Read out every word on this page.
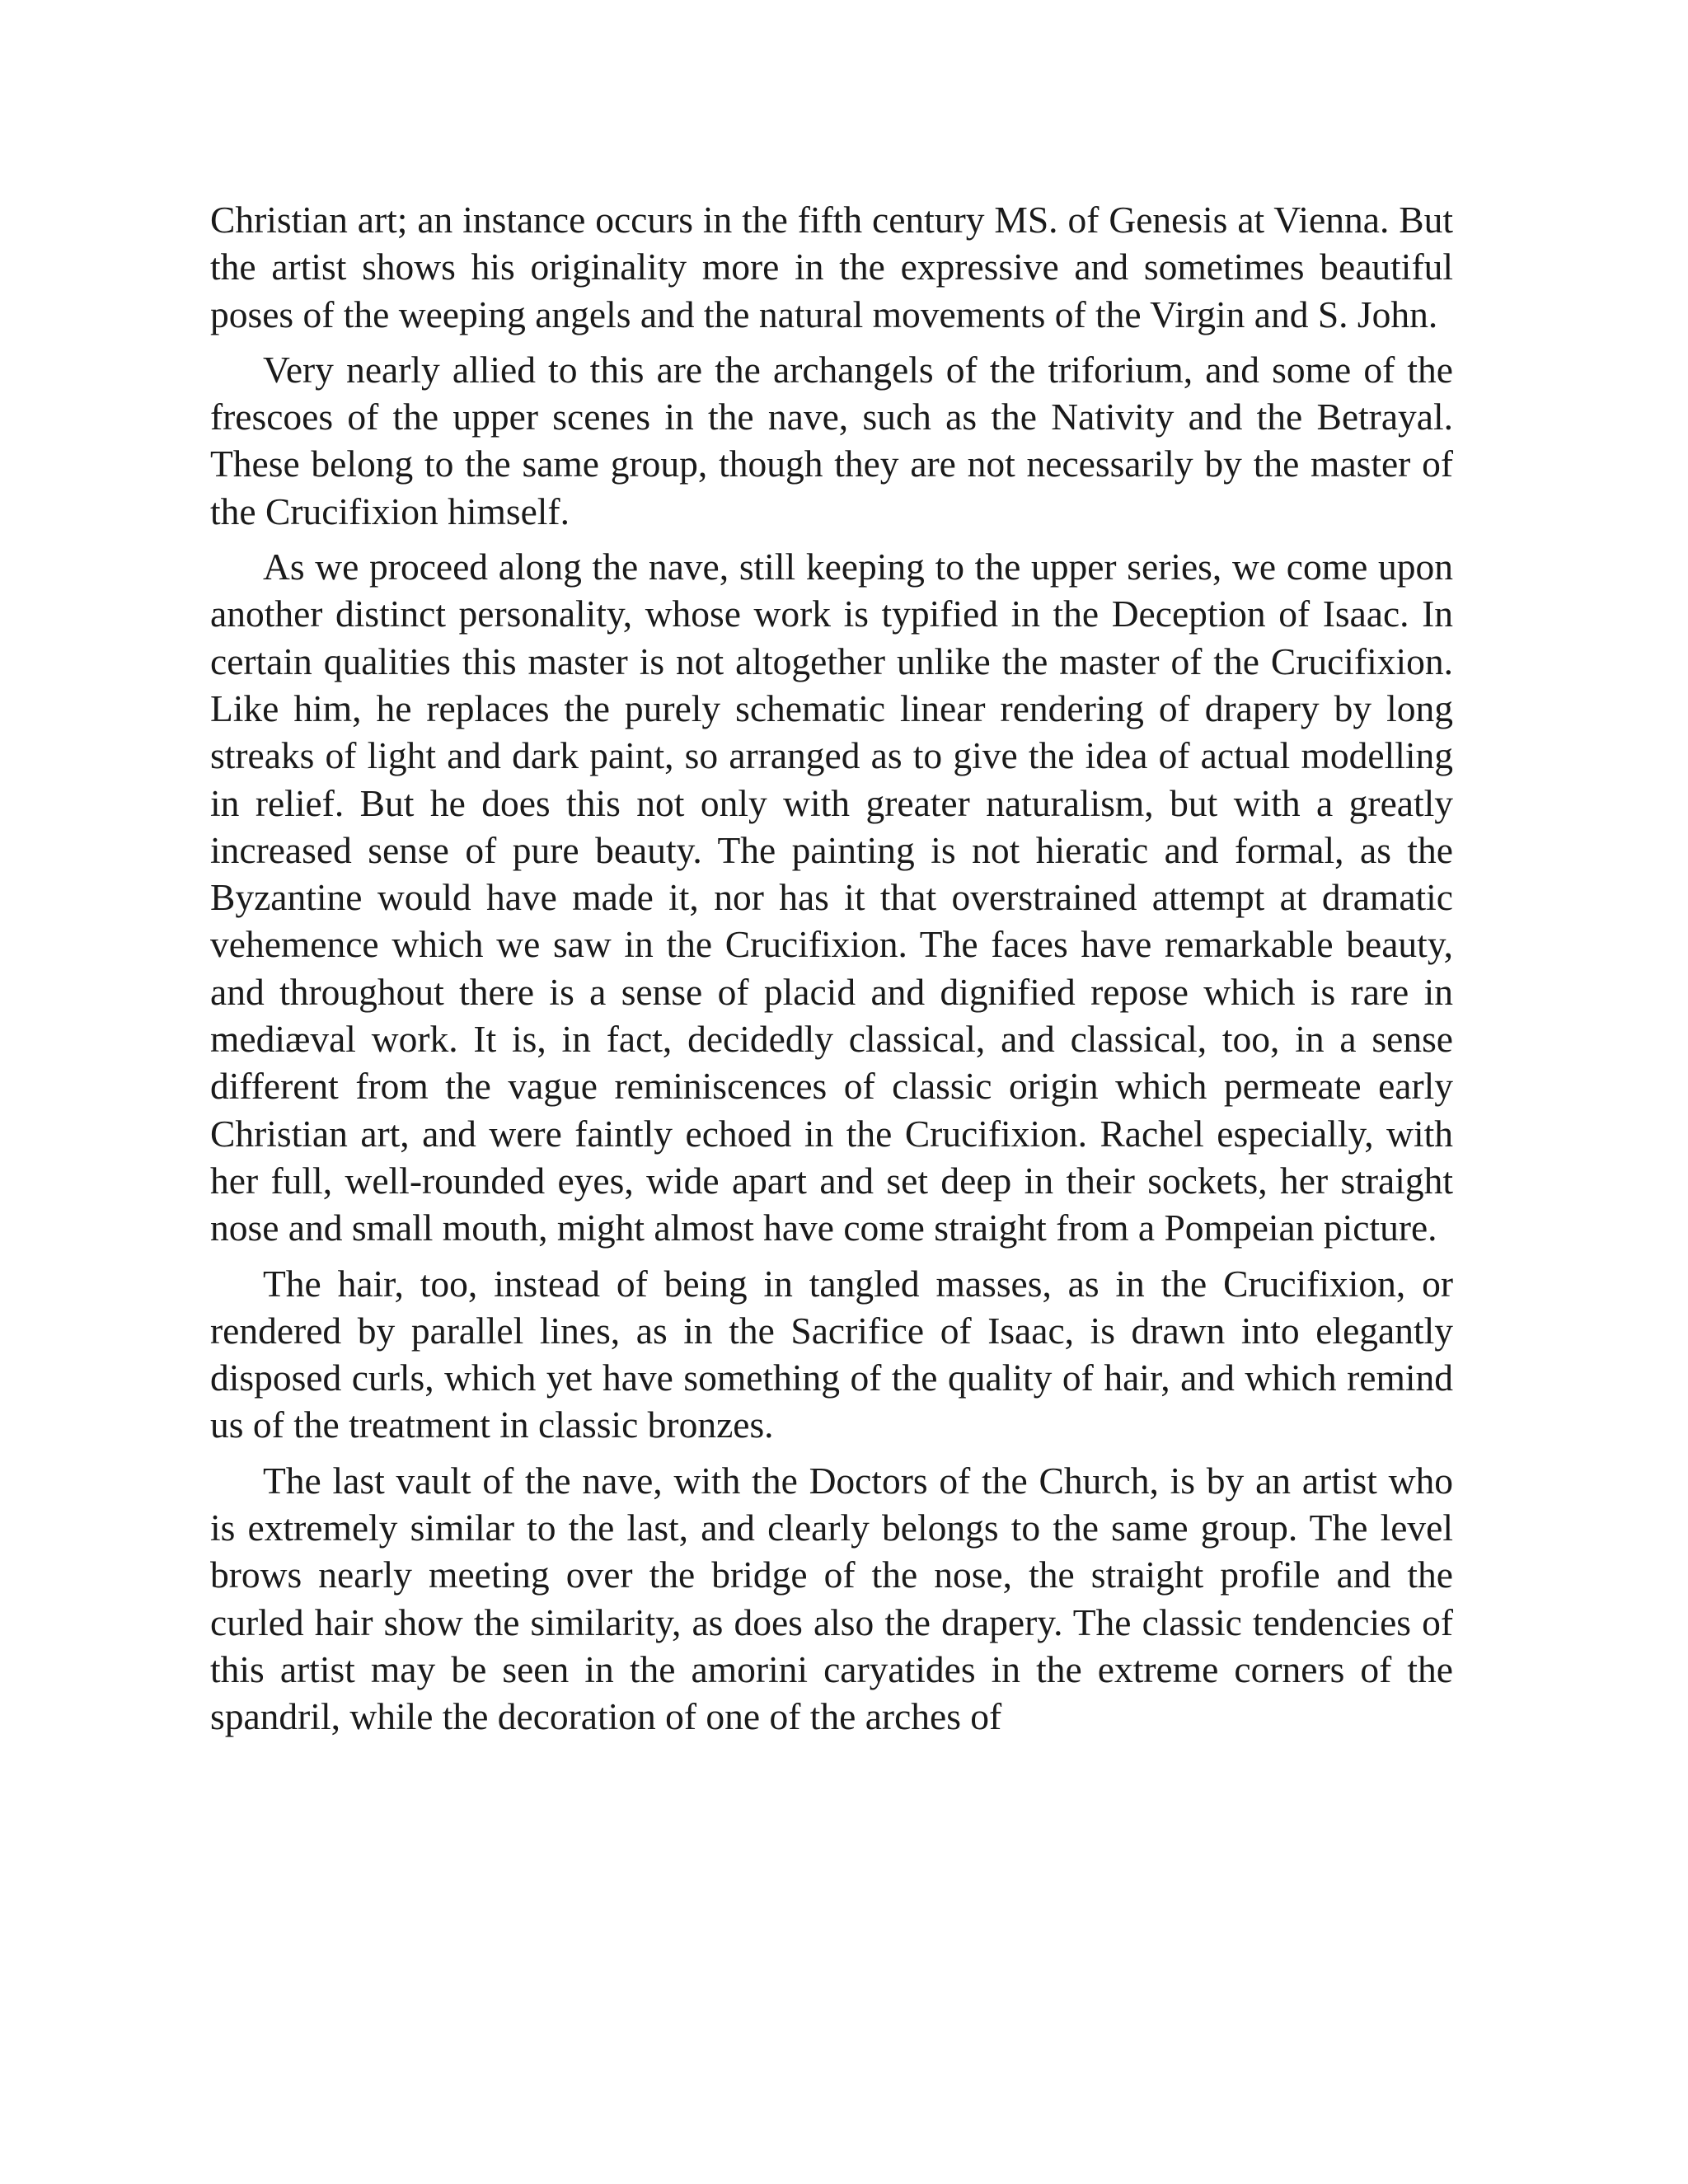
Christian art; an instance occurs in the fifth century MS. of Genesis at Vienna. But the artist shows his originality more in the expressive and sometimes beautiful poses of the weeping angels and the natural movements of the Virgin and S. John.

Very nearly allied to this are the archangels of the triforium, and some of the frescoes of the upper scenes in the nave, such as the Nativity and the Betrayal. These belong to the same group, though they are not necessarily by the master of the Crucifixion himself.

As we proceed along the nave, still keeping to the upper series, we come upon another distinct personality, whose work is typified in the Deception of Isaac. In certain qualities this master is not altogether unlike the master of the Crucifixion. Like him, he replaces the purely schematic linear rendering of drapery by long streaks of light and dark paint, so arranged as to give the idea of actual modelling in relief. But he does this not only with greater naturalism, but with a greatly increased sense of pure beauty. The painting is not hieratic and formal, as the Byzantine would have made it, nor has it that overstrained attempt at dramatic vehemence which we saw in the Crucifixion. The faces have remarkable beauty, and throughout there is a sense of placid and dignified repose which is rare in mediæval work. It is, in fact, decidedly classical, and classical, too, in a sense different from the vague reminiscences of classic origin which permeate early Christian art, and were faintly echoed in the Crucifixion. Rachel especially, with her full, well-rounded eyes, wide apart and set deep in their sockets, her straight nose and small mouth, might almost have come straight from a Pompeian picture.

The hair, too, instead of being in tangled masses, as in the Crucifixion, or rendered by parallel lines, as in the Sacrifice of Isaac, is drawn into elegantly disposed curls, which yet have something of the quality of hair, and which remind us of the treatment in classic bronzes.

The last vault of the nave, with the Doctors of the Church, is by an artist who is extremely similar to the last, and clearly belongs to the same group. The level brows nearly meeting over the bridge of the nose, the straight profile and the curled hair show the similarity, as does also the drapery. The classic tendencies of this artist may be seen in the amorini caryatides in the extreme corners of the spandril, while the decoration of one of the arches of
